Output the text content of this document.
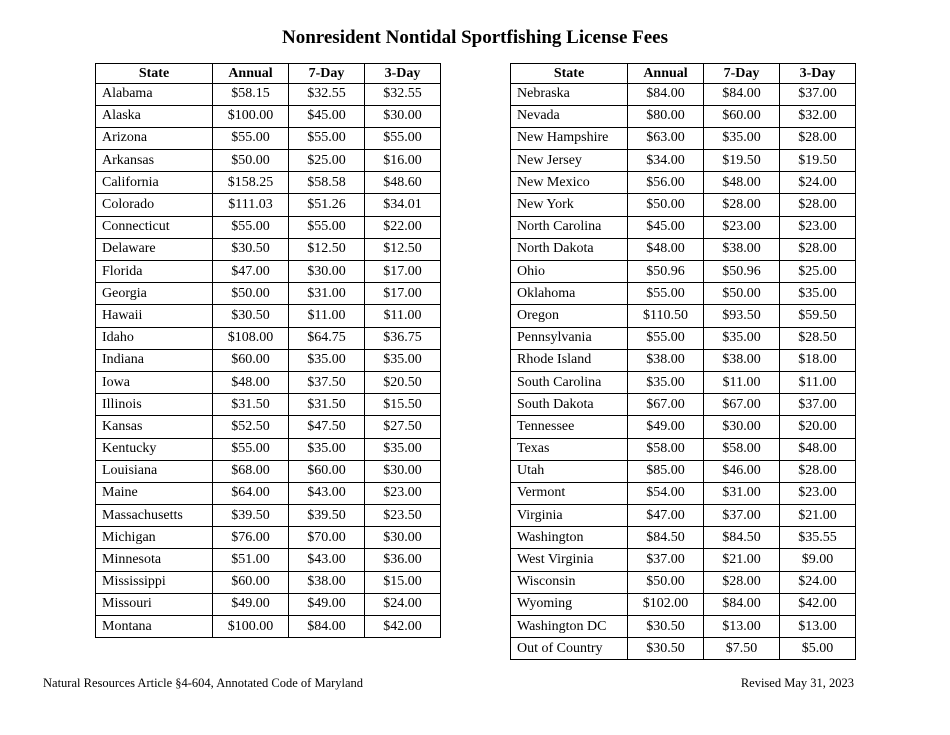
Nonresident Nontidal Sportfishing License Fees
State	Annual	7-Day	3-Day
Alabama	$58.15	$32.55	$32.55
Alaska	$100.00	$45.00	$30.00
Arizona	$55.00	$55.00	$55.00
Arkansas	$50.00	$25.00	$16.00
California	$158.25	$58.58	$48.60
Colorado	$111.03	$51.26	$34.01
Connecticut	$55.00	$55.00	$22.00
Delaware	$30.50	$12.50	$12.50
Florida	$47.00	$30.00	$17.00
Georgia	$50.00	$31.00	$17.00
Hawaii	$30.50	$11.00	$11.00
Idaho	$108.00	$64.75	$36.75
Indiana	$60.00	$35.00	$35.00
Iowa	$48.00	$37.50	$20.50
Illinois	$31.50	$31.50	$15.50
Kansas	$52.50	$47.50	$27.50
Kentucky	$55.00	$35.00	$35.00
Louisiana	$68.00	$60.00	$30.00
Maine	$64.00	$43.00	$23.00
Massachusetts	$39.50	$39.50	$23.50
Michigan	$76.00	$70.00	$30.00
Minnesota	$51.00	$43.00	$36.00
Mississippi	$60.00	$38.00	$15.00
Missouri	$49.00	$49.00	$24.00
Montana	$100.00	$84.00	$42.00
State	Annual	7-Day	3-Day
Nebraska	$84.00	$84.00	$37.00
Nevada	$80.00	$60.00	$32.00
New Hampshire	$63.00	$35.00	$28.00
New Jersey	$34.00	$19.50	$19.50
New Mexico	$56.00	$48.00	$24.00
New York	$50.00	$28.00	$28.00
North Carolina	$45.00	$23.00	$23.00
North Dakota	$48.00	$38.00	$28.00
Ohio	$50.96	$50.96	$25.00
Oklahoma	$55.00	$50.00	$35.00
Oregon	$110.50	$93.50	$59.50
Pennsylvania	$55.00	$35.00	$28.50
Rhode Island	$38.00	$38.00	$18.00
South Carolina	$35.00	$11.00	$11.00
South Dakota	$67.00	$67.00	$37.00
Tennessee	$49.00	$30.00	$20.00
Texas	$58.00	$58.00	$48.00
Utah	$85.00	$46.00	$28.00
Vermont	$54.00	$31.00	$23.00
Virginia	$47.00	$37.00	$21.00
Washington	$84.50	$84.50	$35.55
West Virginia	$37.00	$21.00	$9.00
Wisconsin	$50.00	$28.00	$24.00
Wyoming	$102.00	$84.00	$42.00
Washington DC	$30.50	$13.00	$13.00
Out of Country	$30.50	$7.50	$5.00
Natural Resources Article §4-604, Annotated Code of Maryland	Revised May 31, 2023
